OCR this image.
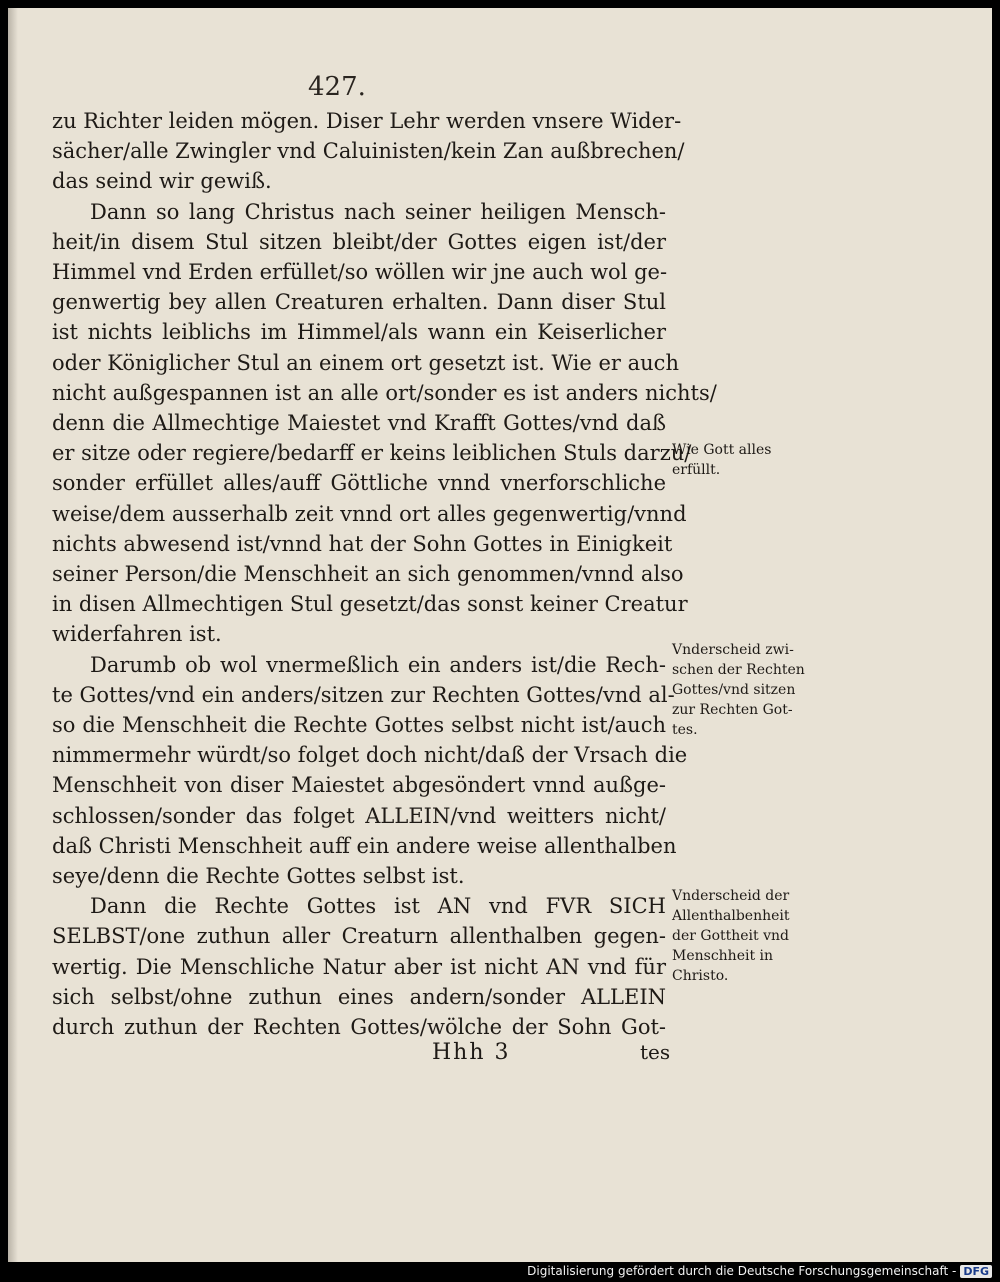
427.

zu Richter leiden mögen. Diser Lehr werden vnsere Wider-
sächer/alle Zwingler vnd Caluinisten/kein Zan außbrechen/
das seind wir gewiß.

Dann so lang Christus nach seiner heiligen Mensch-
heit/in disem Stul sitzen bleibt/der Gottes eigen ist/der
Himmel vnd Erden erfüllet/so wöllen wir jne auch wol ge-
genwertig bey allen Creaturen erhalten. Dann diser Stul
ist nichts leiblichs im Himmel/als wann ein Keiserlicher
oder Königlicher Stul an einem ort gesetzt ist. Wie er auch
nicht außgespannen ist an alle ort/sonder es ist anders nichts/
denn die Allmechtige Maiestet vnd Krafft Gottes/vnd daß
er sitze oder regiere/bedarff er keins leiblichen Stuls darzu/
sonder erfüllet alles/auff Göttliche vnnd vnerforschliche
weise/dem ausserhalb zeit vnnd ort alles gegenwertig/vnnd
nichts abwesend ist/vnnd hat der Sohn Gottes in Einigkeit
seiner Person/die Menschheit an sich genommen/vnnd also
in disen Allmechtigen Stul gesetzt/das sonst keiner Creatur
widerfahren ist.

Darumb ob wol vnermeßlich ein anders ist/die Rech-
te Gottes/vnd ein anders/sitzen zur Rechten Gottes/vnd al-
so die Menschheit die Rechte Gottes selbst nicht ist/auch
nimmermehr würdt/so folget doch nicht/daß der Vrsach die
Menschheit von diser Maiestet abgesöndert vnnd außge-
schlossen/sonder das folget ALLEIN/vnd weitters nicht/
daß Christi Menschheit auff ein andere weise allenthalben
seye/denn die Rechte Gottes selbst ist.

Dann die Rechte Gottes ist AN vnd FVR SICH
SELBST/one zuthun aller Creaturn allenthalben gegen-
wertig. Die Menschliche Natur aber ist nicht AN vnd für
sich selbst/ohne zuthun eines andern/sonder ALLEIN
durch zuthun der Rechten Gottes/wölche der Sohn Got-

Wie Gott alles
erfüllt.
Vnderscheid zwi-
schen der Rechten
Gottes/vnd sitzen
zur Rechten Got-
tes.
Vnderscheid der
Allenthalbenheit
der Gottheit vnd
Menschheit in
Christo.
Hhh 3	tes
Digitalisierung gefördert durch die Deutsche Forschungsgemeinschaft - DFG
